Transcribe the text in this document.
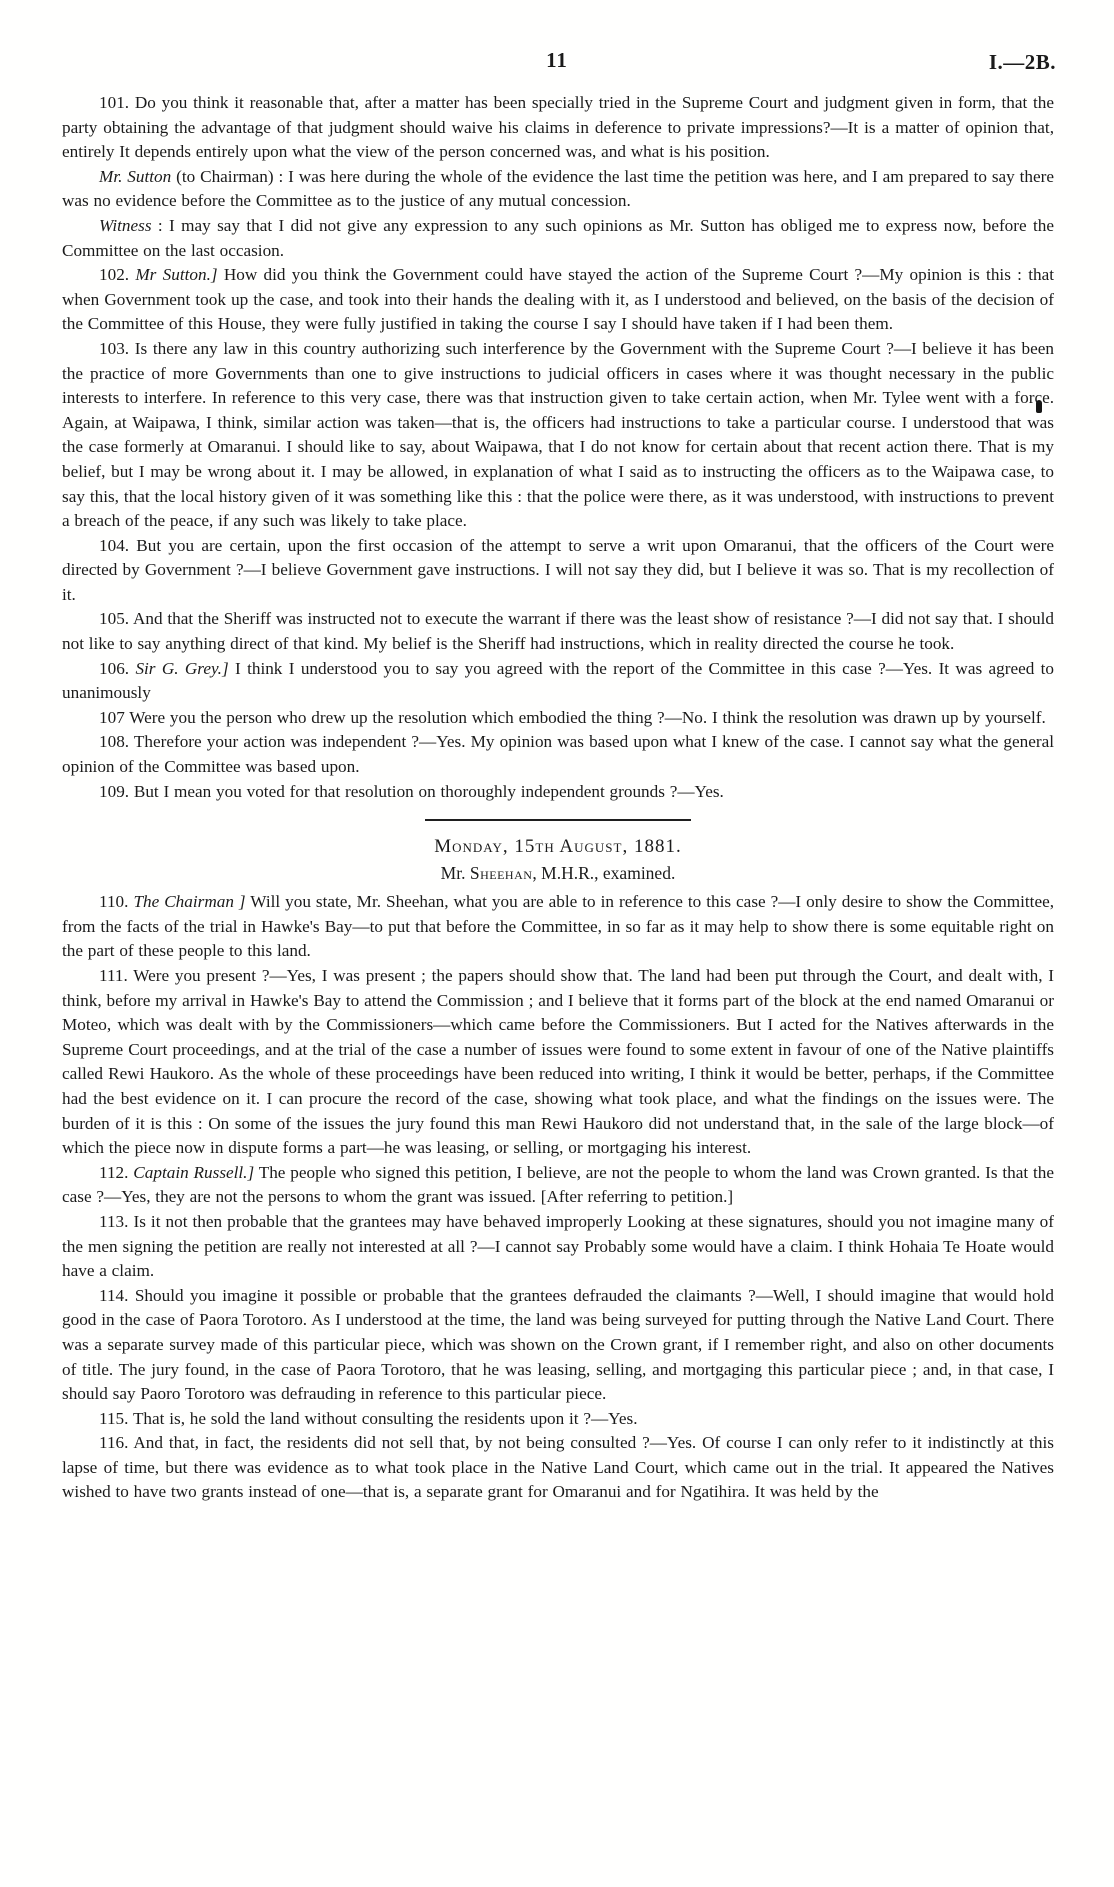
11	I.—2B.

101. Do you think it reasonable that, after a matter has been specially tried in the Supreme Court and judgment given in form, that the party obtaining the advantage of that judgment should waive his claims in deference to private impressions?—It is a matter of opinion that, entirely It depends entirely upon what the view of the person concerned was, and what is his position.

Mr. Sutton (to Chairman) : I was here during the whole of the evidence the last time the petition was here, and I am prepared to say there was no evidence before the Committee as to the justice of any mutual concession.

Witness : I may say that I did not give any expression to any such opinions as Mr. Sutton has obliged me to express now, before the Committee on the last occasion.

102. Mr Sutton.] How did you think the Government could have stayed the action of the Supreme Court ?—My opinion is this : that when Government took up the case, and took into their hands the dealing with it, as I understood and believed, on the basis of the decision of the Committee of this House, they were fully justified in taking the course I say I should have taken if I had been them.

103. Is there any law in this country authorizing such interference by the Government with the Supreme Court ?—I believe it has been the practice of more Governments than one to give instructions to judicial officers in cases where it was thought necessary in the public interests to interfere. In reference to this very case, there was that instruction given to take certain action, when Mr. Tylee went with a force. Again, at Waipawa, I think, similar action was taken—that is, the officers had instructions to take a particular course. I understood that was the case formerly at Omaranui. I should like to say, about Waipawa, that I do not know for certain about that recent action there. That is my belief, but I may be wrong about it. I may be allowed, in explanation of what I said as to instructing the officers as to the Waipawa case, to say this, that the local history given of it was something like this : that the police were there, as it was understood, with instructions to prevent a breach of the peace, if any such was likely to take place.

104. But you are certain, upon the first occasion of the attempt to serve a writ upon Omaranui, that the officers of the Court were directed by Government ?—I believe Government gave instructions. I will not say they did, but I believe it was so. That is my recollection of it.

105. And that the Sheriff was instructed not to execute the warrant if there was the least show of resistance ?—I did not say that. I should not like to say anything direct of that kind. My belief is the Sheriff had instructions, which in reality directed the course he took.

106. Sir G. Grey.] I think I understood you to say you agreed with the report of the Committee in this case ?—Yes. It was agreed to unanimously

107 Were you the person who drew up the resolution which embodied the thing ?—No. I think the resolution was drawn up by yourself.

108. Therefore your action was independent ?—Yes. My opinion was based upon what I knew of the case. I cannot say what the general opinion of the Committee was based upon.

109. But I mean you voted for that resolution on thoroughly independent grounds ?—Yes.

Monday, 15th August, 1881.

Mr. Sheehan, M.H.R., examined.

110. The Chairman ] Will you state, Mr. Sheehan, what you are able to in reference to this case ?—I only desire to show the Committee, from the facts of the trial in Hawke's Bay—to put that before the Committee, in so far as it may help to show there is some equitable right on the part of these people to this land.

111. Were you present ?—Yes, I was present ; the papers should show that. The land had been put through the Court, and dealt with, I think, before my arrival in Hawke's Bay to attend the Commission ; and I believe that it forms part of the block at the end named Omaranui or Moteo, which was dealt with by the Commissioners—which came before the Commissioners. But I acted for the Natives afterwards in the Supreme Court proceedings, and at the trial of the case a number of issues were found to some extent in favour of one of the Native plaintiffs called Rewi Haukoro. As the whole of these proceedings have been reduced into writing, I think it would be better, perhaps, if the Committee had the best evidence on it. I can procure the record of the case, showing what took place, and what the findings on the issues were. The burden of it is this : On some of the issues the jury found this man Rewi Haukoro did not understand that, in the sale of the large block—of which the piece now in dispute forms a part—he was leasing, or selling, or mortgaging his interest.

112. Captain Russell.] The people who signed this petition, I believe, are not the people to whom the land was Crown granted. Is that the case ?—Yes, they are not the persons to whom the grant was issued. [After referring to petition.]

113. Is it not then probable that the grantees may have behaved improperly Looking at these signatures, should you not imagine many of the men signing the petition are really not interested at all ?—I cannot say Probably some would have a claim. I think Hohaia Te Hoate would have a claim.

114. Should you imagine it possible or probable that the grantees defrauded the claimants ?—Well, I should imagine that would hold good in the case of Paora Torotoro. As I understood at the time, the land was being surveyed for putting through the Native Land Court. There was a separate survey made of this particular piece, which was shown on the Crown grant, if I remember right, and also on other documents of title. The jury found, in the case of Paora Torotoro, that he was leasing, selling, and mortgaging this particular piece ; and, in that case, I should say Paoro Torotoro was defrauding in reference to this particular piece.

115. That is, he sold the land without consulting the residents upon it ?—Yes.

116. And that, in fact, the residents did not sell that, by not being consulted ?—Yes. Of course I can only refer to it indistinctly at this lapse of time, but there was evidence as to what took place in the Native Land Court, which came out in the trial. It appeared the Natives wished to have two grants instead of one—that is, a separate grant for Omaranui and for Ngatihira. It was held by the
